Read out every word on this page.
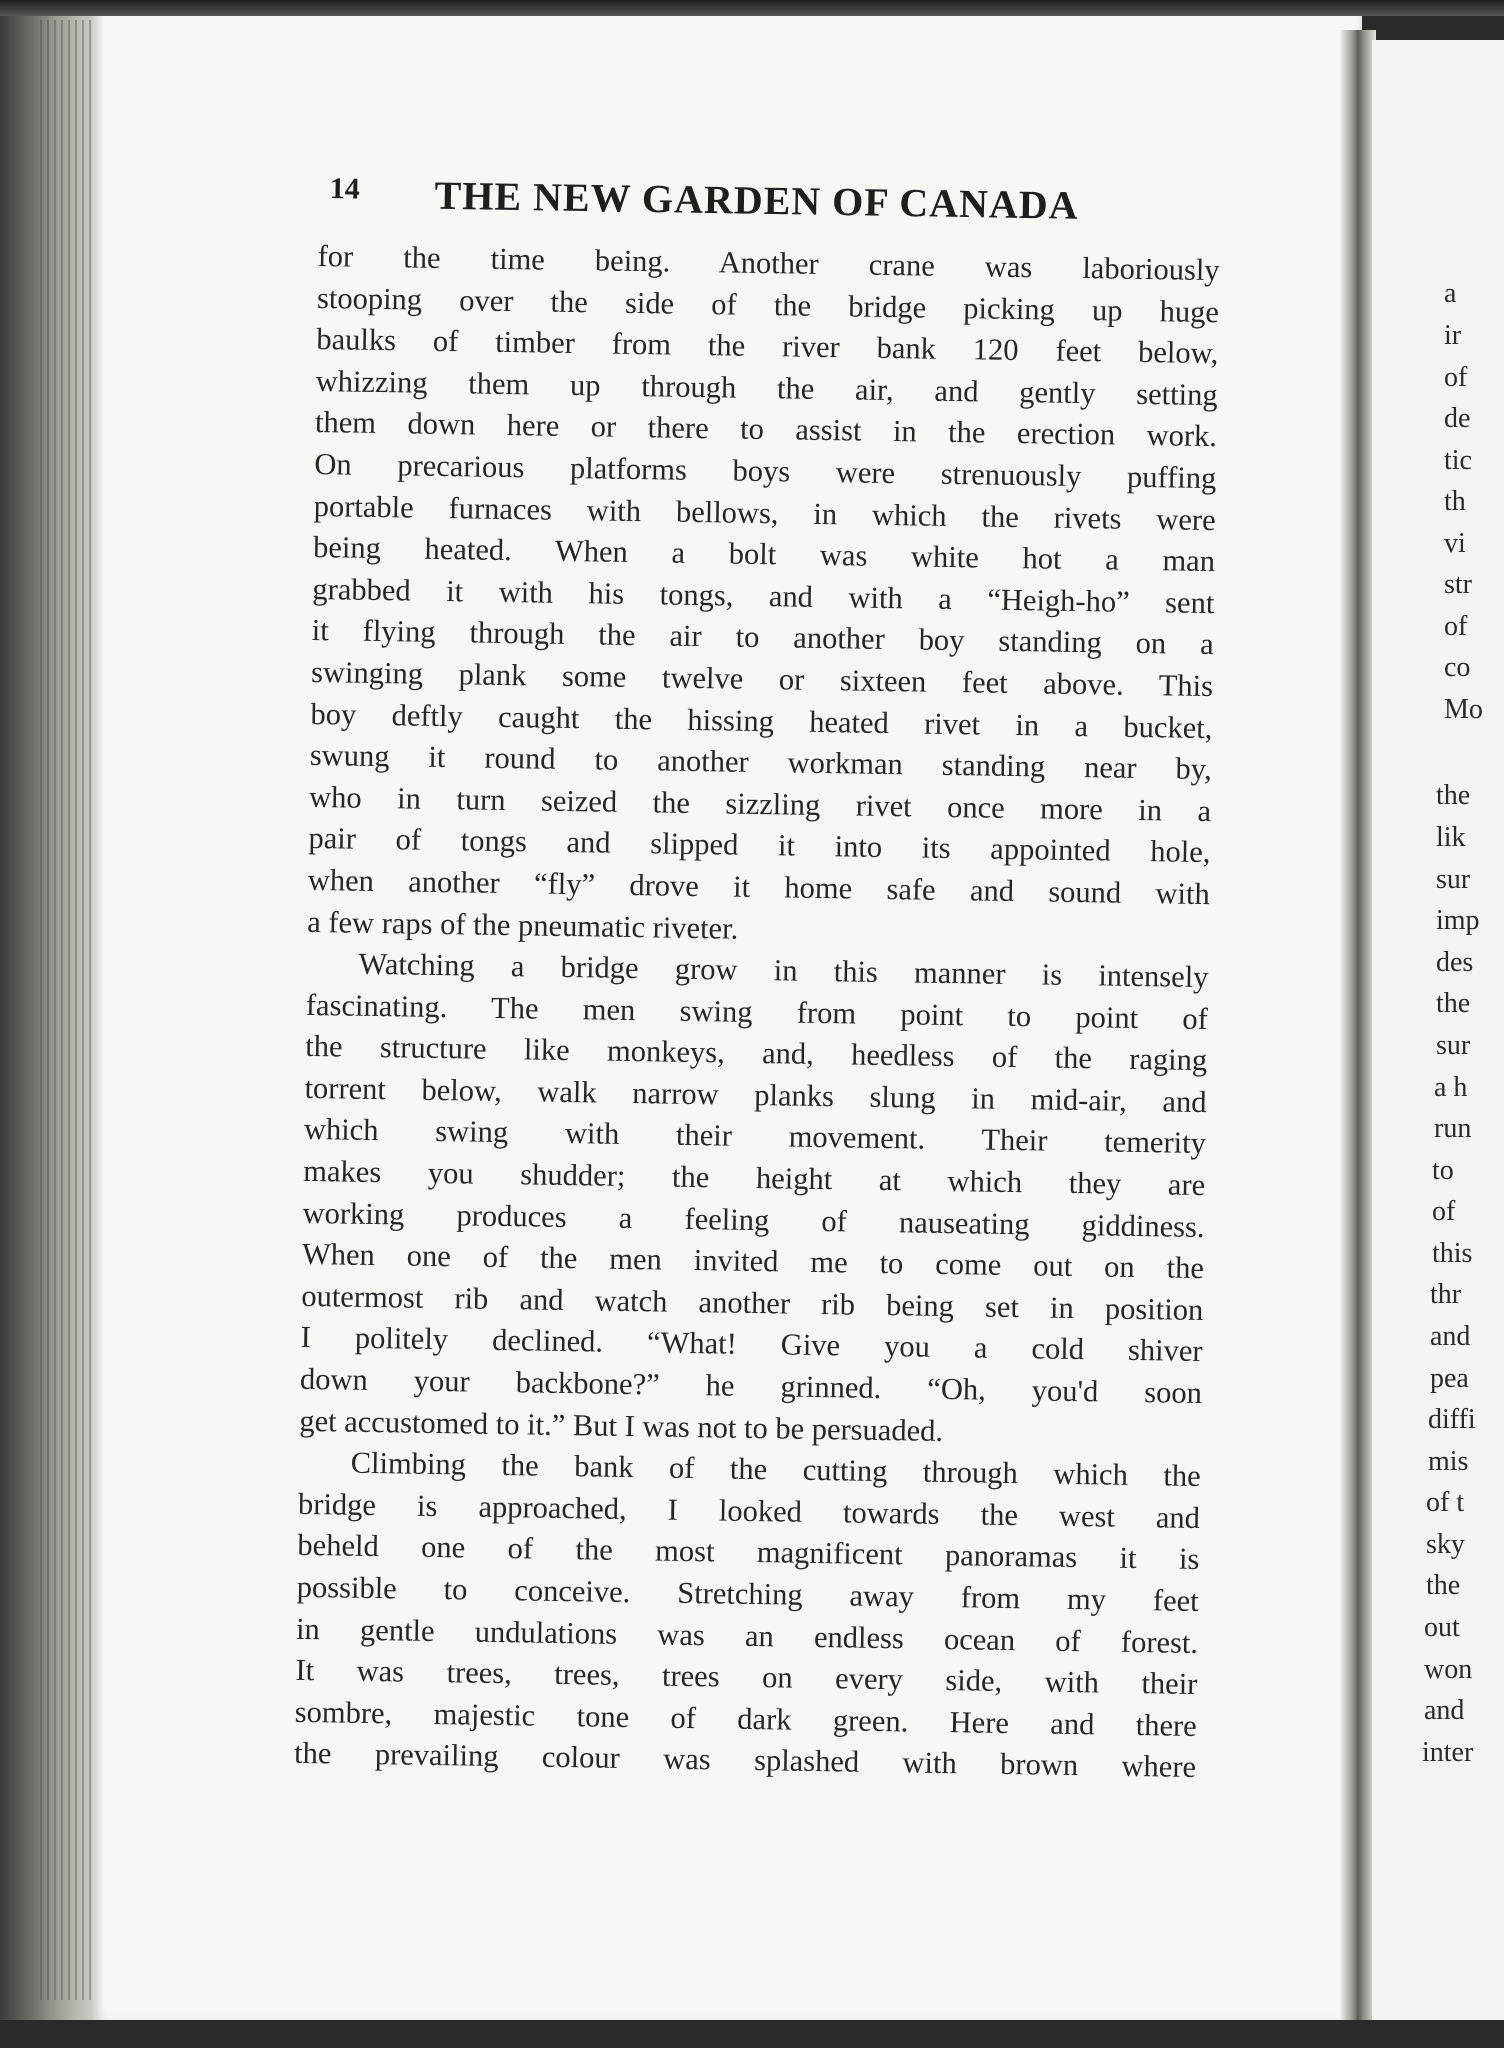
14 THE NEW GARDEN OF CANADA
for the time being. Another crane was laboriously
stooping over the side of the bridge picking up huge
baulks of timber from the river bank 120 feet below,
whizzing them up through the air, and gently setting
them down here or there to assist in the erection work.
On precarious platforms boys were strenuously puffing
portable furnaces with bellows, in which the rivets were
being heated. When a bolt was white hot a man
grabbed it with his tongs, and with a “Heigh-ho” sent
it flying through the air to another boy standing on a
swinging plank some twelve or sixteen feet above. This
boy deftly caught the hissing heated rivet in a bucket,
swung it round to another workman standing near by,
who in turn seized the sizzling rivet once more in a
pair of tongs and slipped it into its appointed hole,
when another “fly” drove it home safe and sound with
a few raps of the pneumatic riveter.
Watching a bridge grow in this manner is intensely
fascinating. The men swing from point to point of
the structure like monkeys, and, heedless of the raging
torrent below, walk narrow planks slung in mid-air, and
which swing with their movement. Their temerity
makes you shudder; the height at which they are
working produces a feeling of nauseating giddiness.
When one of the men invited me to come out on the
outermost rib and watch another rib being set in position
I politely declined. “What! Give you a cold shiver
down your backbone?” he grinned. “Oh, you'd soon
get accustomed to it.” But I was not to be persuaded.
Climbing the bank of the cutting through which the
bridge is approached, I looked towards the west and
beheld one of the most magnificent panoramas it is
possible to conceive. Stretching away from my feet
in gentle undulations was an endless ocean of forest.
It was trees, trees, trees on every side, with their
sombre, majestic tone of dark green. Here and there
the prevailing colour was splashed with brown where
a
ir
of
de
tic
th
vi
str
of
co
Mo
the
lik
sur
imp
des
the
sur
a h
run
to
of
this
thr
and
pea
diffi
mis
of t
sky
the
out
won
and
inter
